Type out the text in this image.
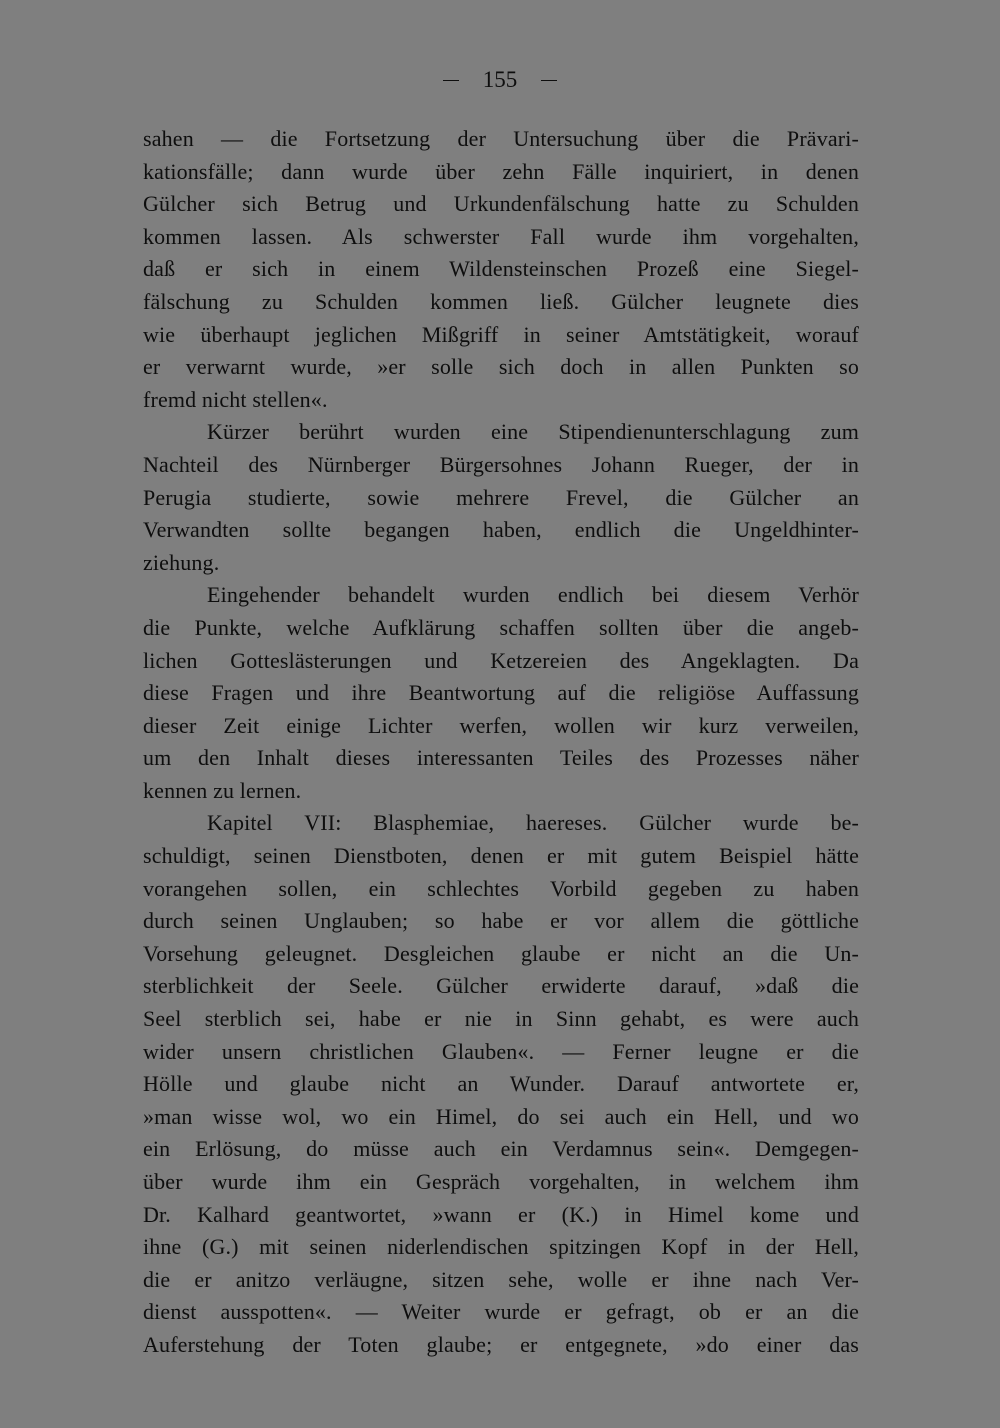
155
sahen — die Fortsetzung der Untersuchung über die Prävari-
kationsfälle; dann wurde über zehn Fälle inquiriert, in denen
Gülcher sich Betrug und Urkundenfälschung hatte zu Schulden
kommen lassen. Als schwerster Fall wurde ihm vorgehalten,
daß er sich in einem Wildensteinschen Prozeß eine Siegel-
fälschung zu Schulden kommen ließ. Gülcher leugnete dies
wie überhaupt jeglichen Mißgriff in seiner Amtstätigkeit, worauf
er verwarnt wurde, »er solle sich doch in allen Punkten so
fremd nicht stellen«.
Kürzer berührt wurden eine Stipendienunterschlagung zum
Nachteil des Nürnberger Bürgersohnes Johann Rueger, der in
Perugia studierte, sowie mehrere Frevel, die Gülcher an
Verwandten sollte begangen haben, endlich die Ungeldhinter-
ziehung.
Eingehender behandelt wurden endlich bei diesem Verhör
die Punkte, welche Aufklärung schaffen sollten über die angeb-
lichen Gotteslästerungen und Ketzereien des Angeklagten. Da
diese Fragen und ihre Beantwortung auf die religiöse Auffassung
dieser Zeit einige Lichter werfen, wollen wir kurz verweilen,
um den Inhalt dieses interessanten Teiles des Prozesses näher
kennen zu lernen.
Kapitel VII: Blasphemiae, haereses. Gülcher wurde be-
schuldigt, seinen Dienstboten, denen er mit gutem Beispiel hätte
vorangehen sollen, ein schlechtes Vorbild gegeben zu haben
durch seinen Unglauben; so habe er vor allem die göttliche
Vorsehung geleugnet. Desgleichen glaube er nicht an die Un-
sterblichkeit der Seele. Gülcher erwiderte darauf, »daß die
Seel sterblich sei, habe er nie in Sinn gehabt, es were auch
wider unsern christlichen Glauben«. — Ferner leugne er die
Hölle und glaube nicht an Wunder. Darauf antwortete er,
»man wisse wol, wo ein Himel, do sei auch ein Hell, und wo
ein Erlösung, do müsse auch ein Verdamnus sein«. Demgegen-
über wurde ihm ein Gespräch vorgehalten, in welchem ihm
Dr. Kalhard geantwortet, »wann er (K.) in Himel kome und
ihne (G.) mit seinen niderlendischen spitzingen Kopf in der Hell,
die er anitzo verläugne, sitzen sehe, wolle er ihne nach Ver-
dienst ausspotten«. — Weiter wurde er gefragt, ob er an die
Auferstehung der Toten glaube; er entgegnete, »do einer das
